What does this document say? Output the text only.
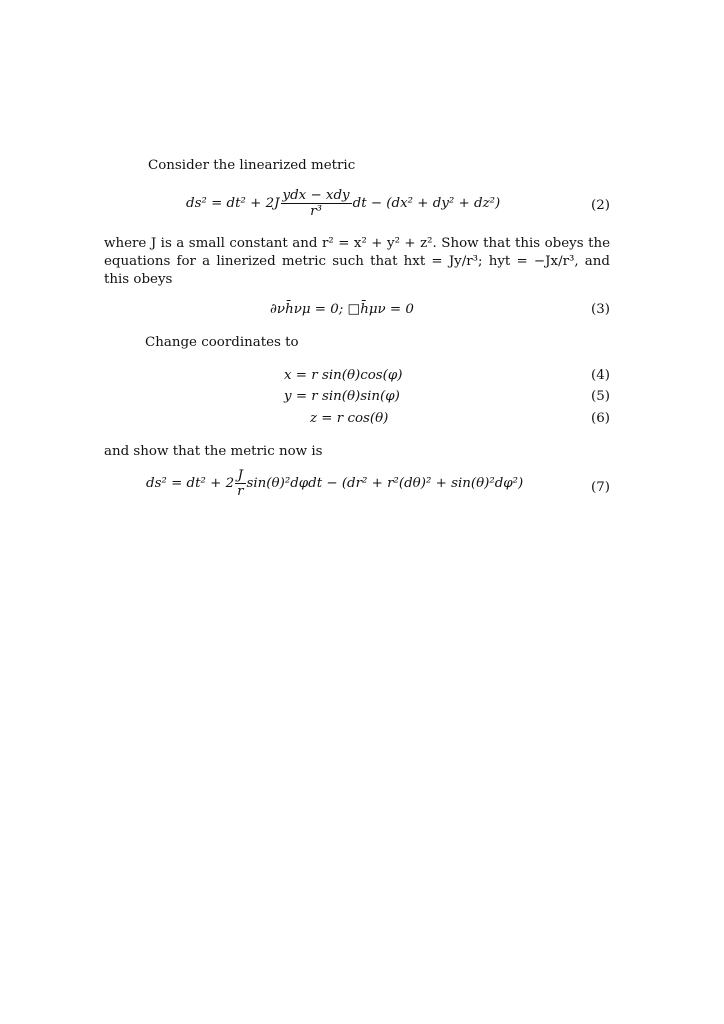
Consider the linearized metric
$ds^2 = dt^2 + 2J \frac{\text{ydx − xdy}}{\text{r³}}$ dt − (dx² + dy² + dz²)	(2)
where J is a small constant and r² = x² + y² + z². Show that this obeys the equations for a linerized metric such that hxt = Jy/r³; hyt = −Jx/r³, and this obeys
∂νh̄νμ = 0; □h̄μν = 0	(3)
Change coordinates to
x = r sin(θ)cos(φ)	(4)
y = r sin(θ)sin(φ)	(5)
z = r cos(θ)	(6)
and show that the metric now is
$ds^2 = dt^2 + 2 \frac{J}{r} \sin(\theta)^2d\varphi dt - (dr^2 + r^2(d\theta)^2 + \sin(\theta)^2d\varphi^2)$	(7)
